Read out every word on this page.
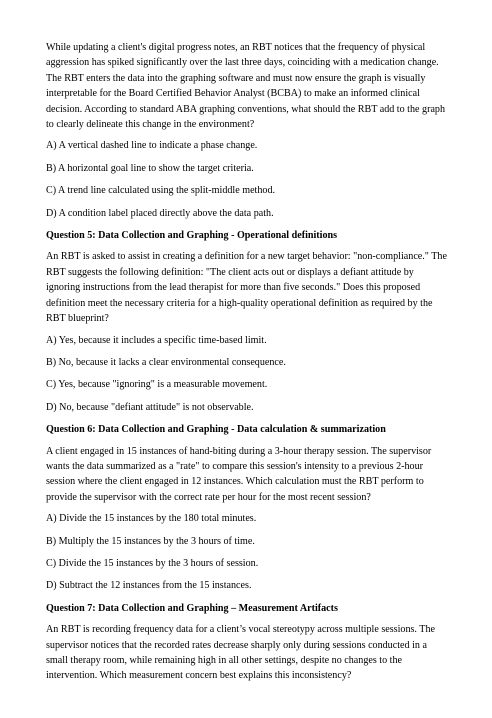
While updating a client's digital progress notes, an RBT notices that the frequency of physical aggression has spiked significantly over the last three days, coinciding with a medication change. The RBT enters the data into the graphing software and must now ensure the graph is visually interpretable for the Board Certified Behavior Analyst (BCBA) to make an informed clinical decision. According to standard ABA graphing conventions, what should the RBT add to the graph to clearly delineate this change in the environment?

A) A vertical dashed line to indicate a phase change.

B) A horizontal goal line to show the target criteria.

C) A trend line calculated using the split-middle method.

D) A condition label placed directly above the data path.

Question 5: Data Collection and Graphing - Operational definitions

An RBT is asked to assist in creating a definition for a new target behavior: "non-compliance." The RBT suggests the following definition: "The client acts out or displays a defiant attitude by ignoring instructions from the lead therapist for more than five seconds." Does this proposed definition meet the necessary criteria for a high-quality operational definition as required by the RBT blueprint?

A) Yes, because it includes a specific time-based limit.

B) No, because it lacks a clear environmental consequence.

C) Yes, because "ignoring" is a measurable movement.

D) No, because "defiant attitude" is not observable.

Question 6: Data Collection and Graphing - Data calculation & summarization

A client engaged in 15 instances of hand-biting during a 3-hour therapy session. The supervisor wants the data summarized as a "rate" to compare this session's intensity to a previous 2-hour session where the client engaged in 12 instances. Which calculation must the RBT perform to provide the supervisor with the correct rate per hour for the most recent session?

A) Divide the 15 instances by the 180 total minutes.

B) Multiply the 15 instances by the 3 hours of time.

C) Divide the 15 instances by the 3 hours of session.

D) Subtract the 12 instances from the 15 instances.

Question 7: Data Collection and Graphing – Measurement Artifacts

An RBT is recording frequency data for a client’s vocal stereotypy across multiple sessions. The supervisor notices that the recorded rates decrease sharply only during sessions conducted in a small therapy room, while remaining high in all other settings, despite no changes to the intervention. Which measurement concern best explains this inconsistency?
